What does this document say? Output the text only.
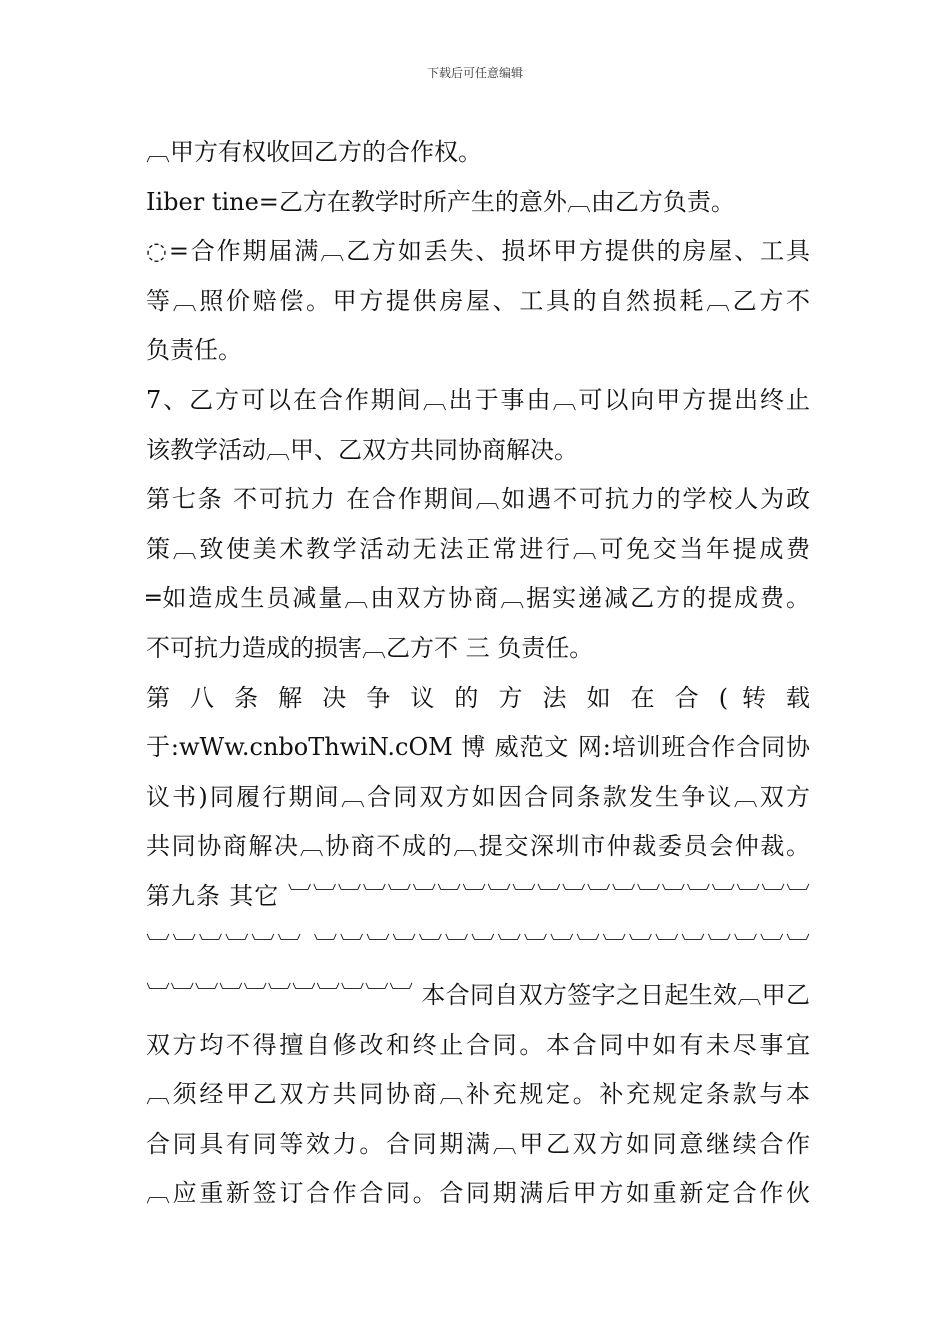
下载后可任意编辑
︹甲方有权收回乙方的合作权。
Iiber tine=乙方在教学时所产生的意外︹由乙方负责。
◌=合作期届满︹乙方如丢失、损坏甲方提供的房屋、工具
等︹照价赔偿。甲方提供房屋、工具的自然损耗︹乙方不
负责任。
7、乙方可以在合作期间︹出于事由︹可以向甲方提出终止
该教学活动︹甲、乙双方共同协商解决。
第七条 不可抗力 在合作期间︹如遇不可抗力的学校人为政
策︹致使美术教学活动无法正常进行︹可免交当年提成费
═如造成生员减量︹由双方协商︹据实递减乙方的提成费。
不可抗力造成的损害︹乙方不 三 负责任。
第 八 条 解 决 争 议 的 方 法 如 在 合 ( 转 载
于:wWw.cnboThwiN.cOM 博 威范文 网:培训班合作合同协
议书)同履行期间︹合同双方如因合同条款发生争议︹双方
共同协商解决︹协商不成的︹提交深圳市仲裁委员会仲裁。
第九条 其它 ︺︺︺︺︺︺︺︺︺︺︺︺︺︺︺︺︺︺︺︺︺
︺︺︺︺︺︺ ︺︺︺︺︺︺︺︺︺︺︺︺︺︺︺︺︺︺︺
︺︺︺︺︺︺︺︺︺︺︺ 本合同自双方签字之日起生效︹甲乙
双方均不得擅自修改和终止合同。本合同中如有未尽事宜
︹须经甲乙双方共同协商︹补充规定。补充规定条款与本
合同具有同等效力。合同期满︹甲乙双方如同意继续合作
︹应重新签订合作合同。合同期满后甲方如重新定合作伙
